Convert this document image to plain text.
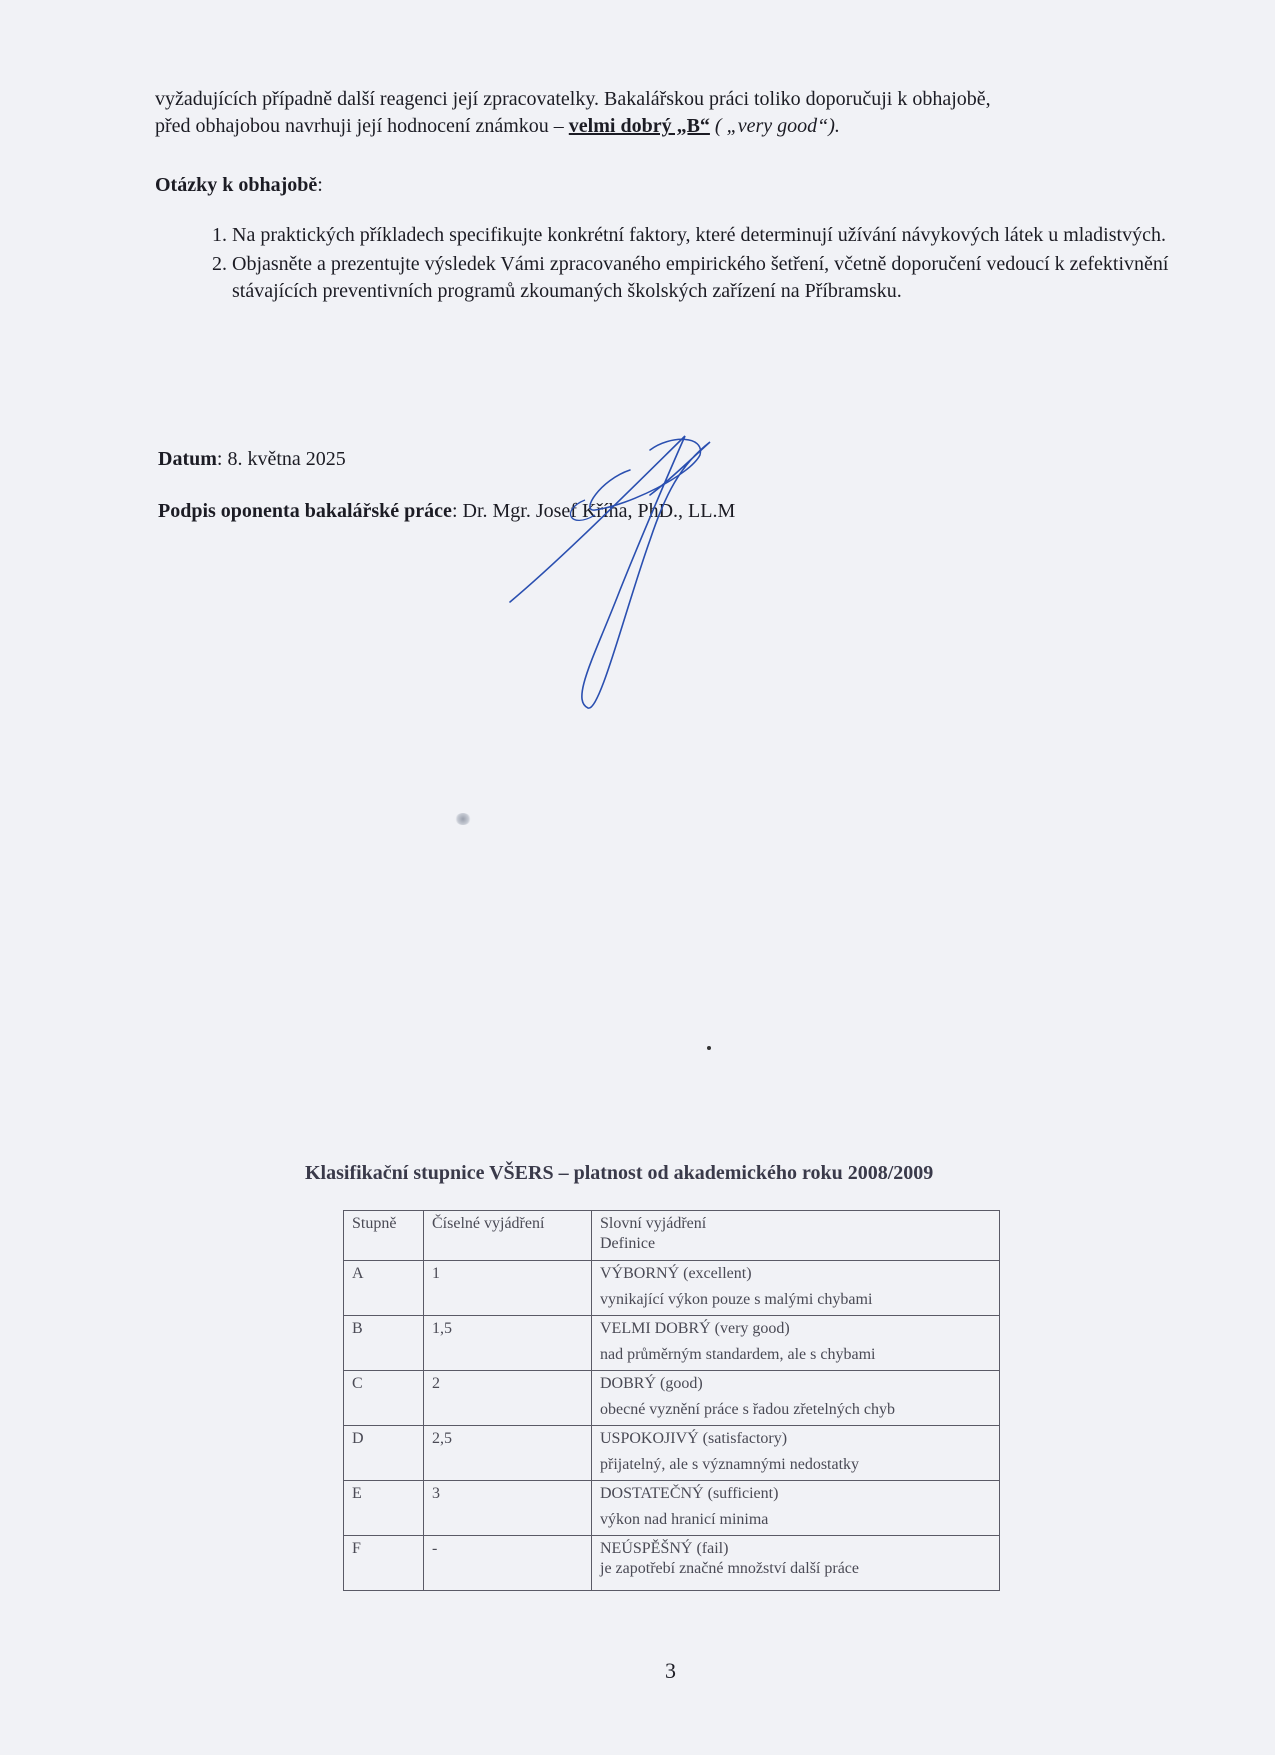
vyžadujících případně další reagenci její zpracovatelky. Bakalářskou práci toliko doporučuji k obhajobě,
před obhajobou navrhuji její hodnocení známkou – velmi dobrý „B“ ( „very good“).
Otázky k obhajobě:
1. Na praktických příkladech specifikujte konkrétní faktory, které determinují užívání návykových látek u mladistvých.
2. Objasněte a prezentujte výsledek Vámi zpracovaného empirického šetření, včetně doporučení vedoucí k zefektivnění stávajících preventivních programů zkoumaných školských zařízení na Příbramsku.
Datum: 8. května 2025
Podpis oponenta bakalářské práce: Dr. Mgr. Josef Kříha, PhD., LL.M
Klasifikační stupnice VŠERS – platnost od akademického roku 2008/2009
Stupně	Číselné vyjádření	Slovní vyjádření
Definice
A	1	VÝBORNÝ (excellent)
vynikající výkon pouze s malými chybami

B	1,5	VELMI DOBRÝ (very good)
nad průměrným standardem, ale s chybami

C	2	DOBRÝ (good)
obecné vyznění práce s řadou zřetelných chyb

D	2,5	USPOKOJIVÝ (satisfactory)
přijatelný, ale s významnými nedostatky

E	3	DOSTATEČNÝ (sufficient)
výkon nad hranicí minima

F	-	NEÚSPĚŠNÝ (fail)
je zapotřebí značné množství další práce
3
